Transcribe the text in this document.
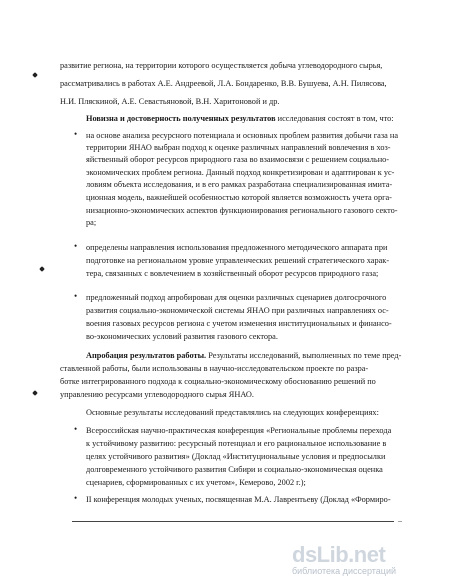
развитие региона, на территории которого осуществляется добыча углеводородного сырья,
рассматривались в работах А.Е. Андреевой, Л.А. Бондаренко, В.В. Бушуева, А.Н. Пилясова,
Н.И. Пляскиной, А.Е. Севастьяновой, В.Н. Харитоновой и др.
Новизна и достоверность полученных результатов исследования состоят в том, что:
• на основе анализа ресурсного потенциала и основных проблем развития добычи газа на
территории ЯНАО выбран подход к оценке различных направлений вовлечения в хоз-
яйственный оборот ресурсов природного газа во взаимосвязи с решением социально-
экономических проблем региона. Данный подход конкретизирован и адаптирован к ус-
ловиям объекта исследования, и в его рамках разработана специализированная имита-
ционная модель, важнейшей особенностью которой является возможность учета орга-
низационно-экономических аспектов функционирования регионального газового секто-
ра;
• определены направления использования предложенного методического аппарата при
подготовке на региональном уровне управленческих решений стратегического харак-
тера, связанных с вовлечением в хозяйственный оборот ресурсов природного газа;
• предложенный подход апробирован для оценки различных сценариев долгосрочного
развития социально-экономической системы ЯНАО при различных направлениях ос-
воения газовых ресурсов региона с учетом изменения институциональных и финансо-
во-экономических условий развития газового сектора.
Апробация результатов работы. Результаты исследований, выполненных по теме пред-
ставленной работы, были использованы в научно-исследовательском проекте по разра-
ботке интегрированного подхода к социально-экономическому обоснованию решений по
управлению ресурсами углеводородного сырья ЯНАО.
Основные результаты исследований представлялись на следующих конференциях:
• Всероссийская научно-практическая конференция «Региональные проблемы перехода
к устойчивому развитию: ресурсный потенциал и его рациональное использование в
целях устойчивого развития» (Доклад «Институциональные условия и предпосылки
долговременного устойчивого развития Сибири и социально-экономическая оценка
сценариев, сформированных с их учетом», Кемерово, 2002 г.);
• II конференция молодых ученых, посвященная М.А. Лаврентьеву (Доклад «Формиро-
–
dsLib.net
библиотека диссертаций
